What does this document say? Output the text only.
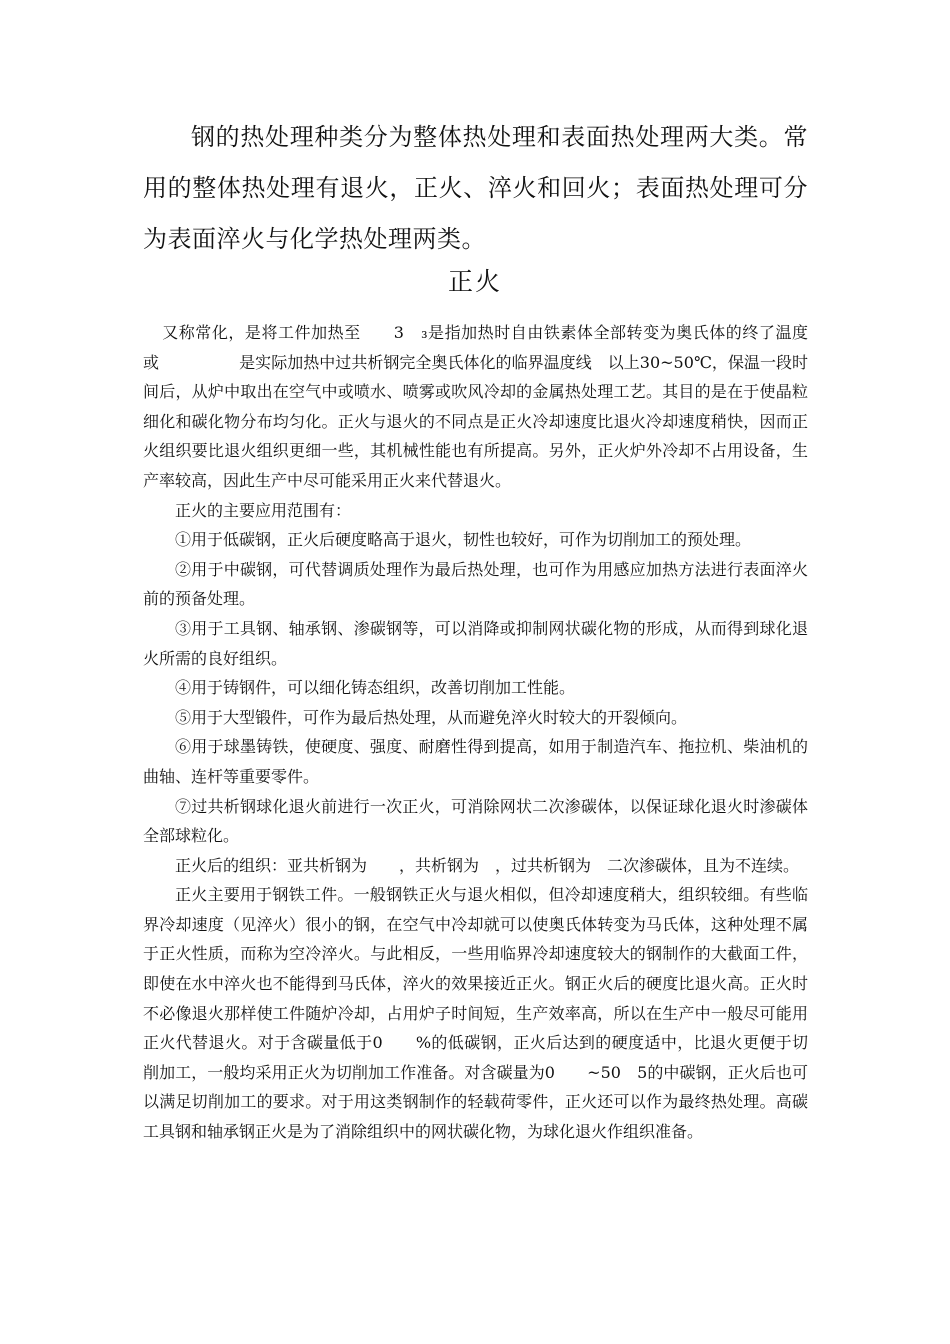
钢的热处理种类分为整体热处理和表面热处理两大类。常用的整体热处理有退火，正火、淬火和回火；表面热处理可分为表面淬火与化学热处理两类。

正火

又称常化，是将工件加热至　　3　₃是指加热时自由铁素体全部转变为奥氏体的终了温度　或　　　　　是实际加热中过共析钢完全奥氏体化的临界温度线　以上30~50℃，保温一段时间后，从炉中取出在空气中或喷水、喷雾或吹风冷却的金属热处理工艺。其目的是在于使晶粒细化和碳化物分布均匀化。正火与退火的不同点是正火冷却速度比退火冷却速度稍快，因而正火组织要比退火组织更细一些，其机械性能也有所提高。另外，正火炉外冷却不占用设备，生产率较高，因此生产中尽可能采用正火来代替退火。

正火的主要应用范围有：

①用于低碳钢，正火后硬度略高于退火，韧性也较好，可作为切削加工的预处理。

②用于中碳钢，可代替调质处理作为最后热处理，也可作为用感应加热方法进行表面淬火前的预备处理。

③用于工具钢、轴承钢、渗碳钢等，可以消降或抑制网状碳化物的形成，从而得到球化退火所需的良好组织。

④用于铸钢件，可以细化铸态组织，改善切削加工性能。

⑤用于大型锻件，可作为最后热处理，从而避免淬火时较大的开裂倾向。

⑥用于球墨铸铁，使硬度、强度、耐磨性得到提高，如用于制造汽车、拖拉机、柴油机的曲轴、连杆等重要零件。

⑦过共析钢球化退火前进行一次正火，可消除网状二次渗碳体，以保证球化退火时渗碳体全部球粒化。

正火后的组织：亚共析钢为　　，共析钢为　，过共析钢为　二次渗碳体，且为不连续。

正火主要用于钢铁工件。一般钢铁正火与退火相似，但冷却速度稍大，组织较细。有些临界冷却速度（见淬火）很小的钢，在空气中冷却就可以使奥氏体转变为马氏体，这种处理不属于正火性质，而称为空冷淬火。与此相反，一些用临界冷却速度较大的钢制作的大截面工件，即使在水中淬火也不能得到马氏体，淬火的效果接近正火。钢正火后的硬度比退火高。正火时不必像退火那样使工件随炉冷却，占用炉子时间短，生产效率高，所以在生产中一般尽可能用正火代替退火。对于含碳量低于0　　%的低碳钢，正火后达到的硬度适中，比退火更便于切削加工，一般均采用正火为切削加工作准备。对含碳量为0　　~50　5的中碳钢，正火后也可以满足切削加工的要求。对于用这类钢制作的轻载荷零件，正火还可以作为最终热处理。高碳工具钢和轴承钢正火是为了消除组织中的网状碳化物，为球化退火作组织准备。
